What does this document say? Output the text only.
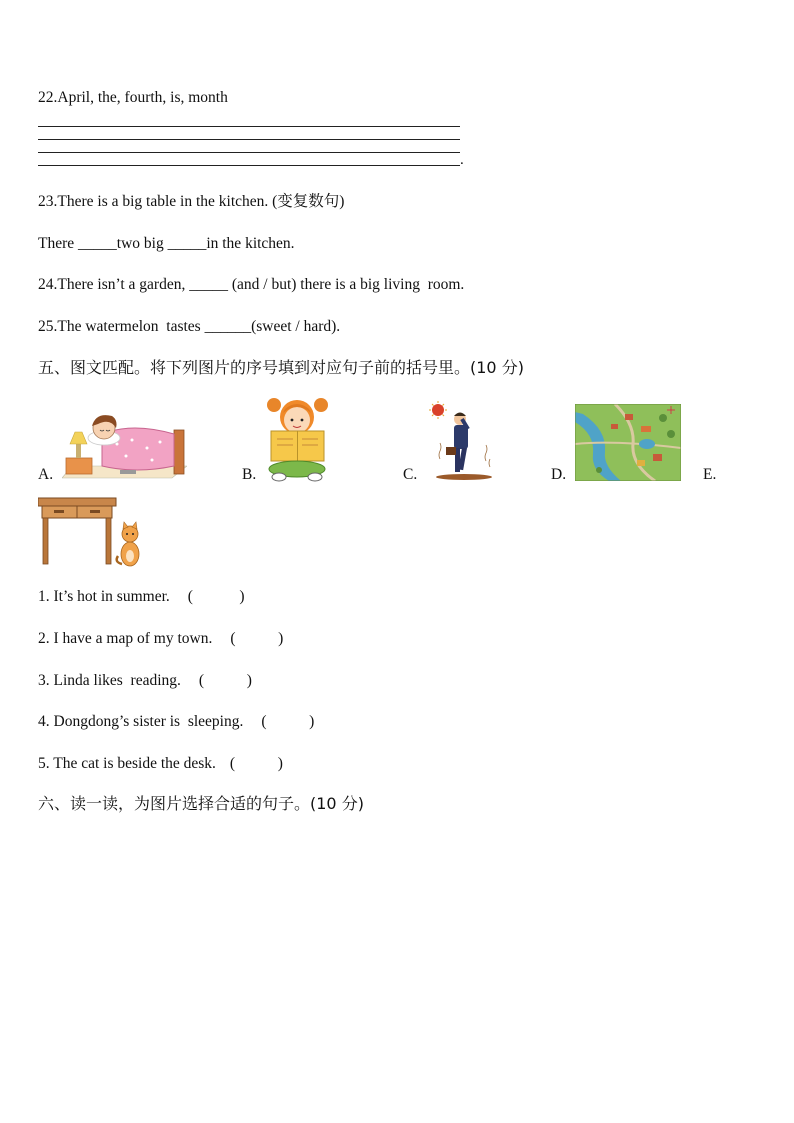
22.April, the, fourth, is, month
.
23.There is a big table in the kitchen. (变复数句)
There _____two big _____in the kitchen.
24.There isn’t a garden, _____ (and / but) there is a big living  room.
25.The watermelon  tastes ______(sweet / hard).
五、图文匹配。将下列图片的序号填到对应句子前的括号里。(10 分)
A.	B.	C.	D.	E.
1. It’s hot in summer. (            )
2. I have a map of my town. (           )
3. Linda likes  reading. (           )
4. Dongdong’s sister is  sleeping. (           )
5. The cat is beside the desk. (           )
六、读一读，为图片选择合适的句子。(10 分)
